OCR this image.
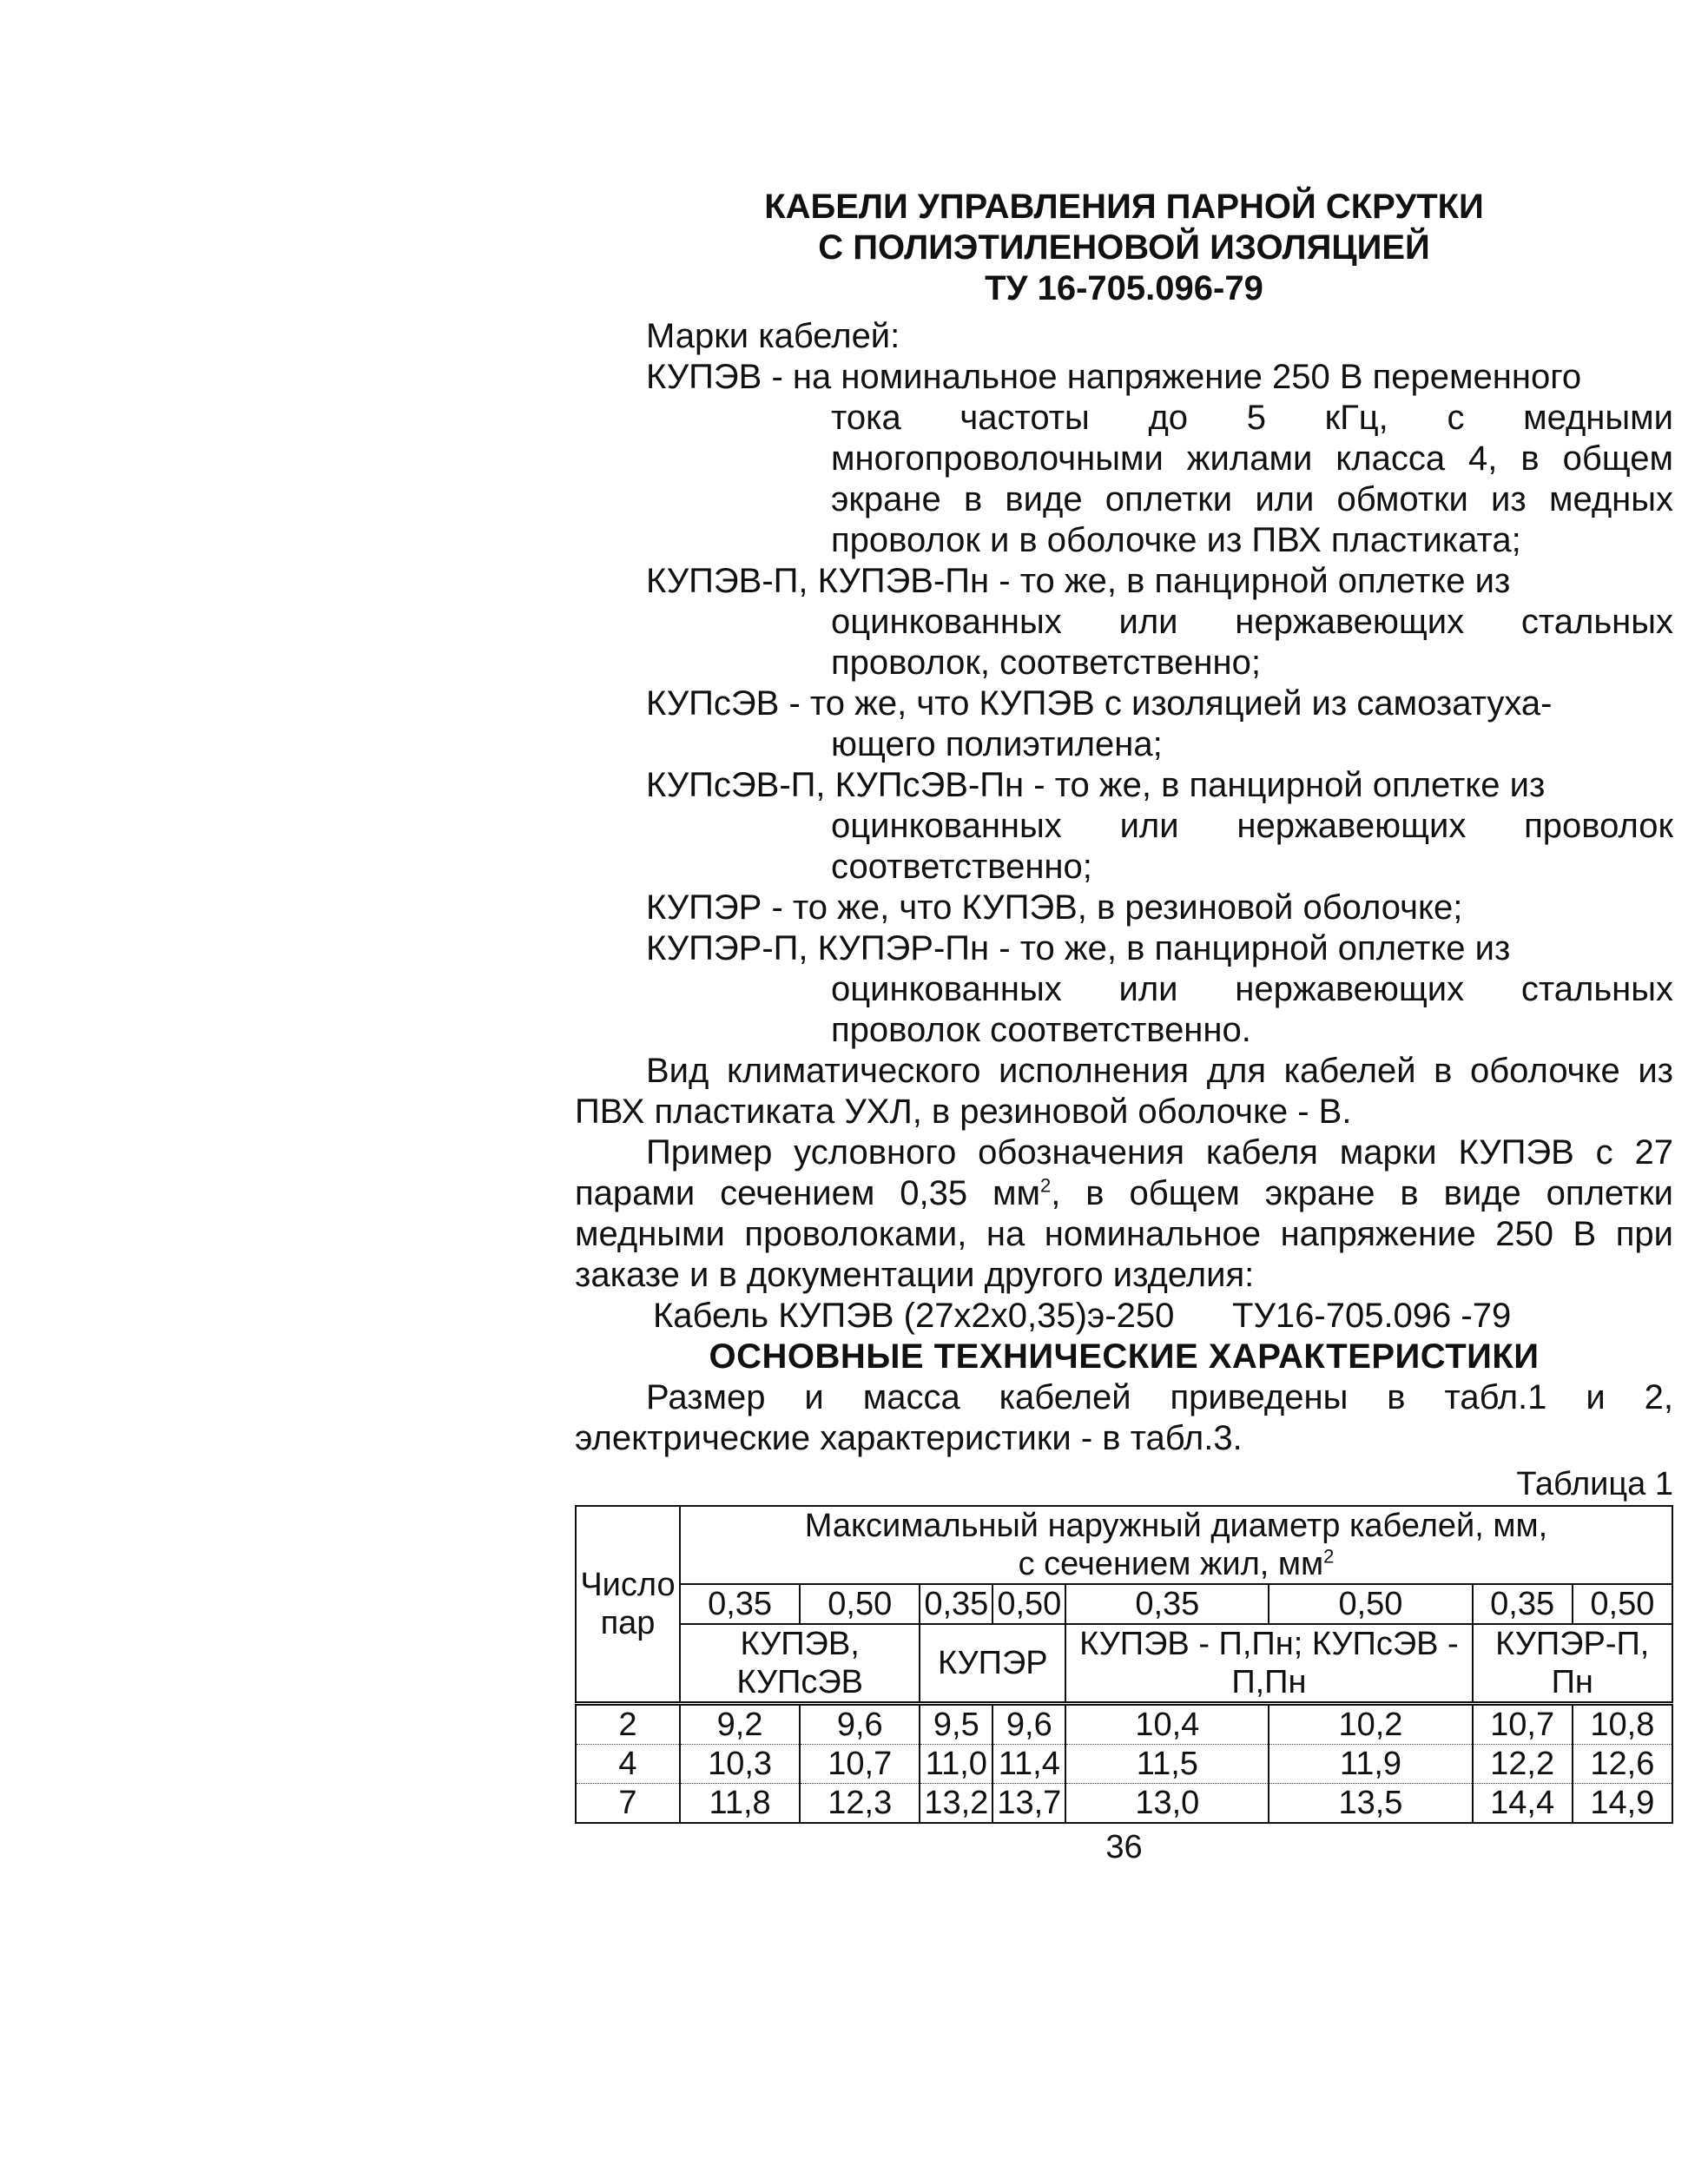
КАБЕЛИ УПРАВЛЕНИЯ ПАРНОЙ СКРУТКИ

С ПОЛИЭТИЛЕНОВОЙ ИЗОЛЯЦИЕЙ

ТУ 16-705.096-79

Марки кабелей:

КУПЭВ - на номинальное напряжение 250 В переменного
тока частоты до 5 кГц, с медными многопроволочными жилами класса 4, в общем экране в виде оплетки или обмотки из медных проволок и в оболочке из ПВХ пластиката;
КУПЭВ-П, КУПЭВ-Пн - то же, в панцирной оплетке из
оцинкованных или нержавеющих стальных проволок, соответственно;
КУПсЭВ - то же, что КУПЭВ с изоляцией из самозатуха-
ющего полиэтилена;
КУПсЭВ-П, КУПсЭВ-Пн - то же, в панцирной оплетке из
оцинкованных или нержавеющих проволок соответственно;
КУПЭР - то же, что КУПЭВ, в резиновой оболочке;
КУПЭР-П, КУПЭР-Пн - то же, в панцирной оплетке из
оцинкованных или нержавеющих стальных проволок соответственно.

Вид климатического исполнения для кабелей в оболочке из ПВХ пластиката УХЛ, в резиновой оболочке - В.

Пример условного обозначения кабеля марки КУПЭВ с 27 парами сечением 0,35 $мм^2$, в общем экране в виде оплетки медными проволоками, на номинальное напряжение 250 В при заказе и в документации другого изделия:

Кабель КУПЭВ (27х2х0,35)э-250      ТУ16-705.096 -79

ОСНОВНЫЕ ТЕХНИЧЕСКИЕ ХАРАКТЕРИСТИКИ

Размер и масса кабелей приведены в табл.1 и 2, электрические характеристики - в табл.3.

Таблица 1

Число пар	Максимальный наружный диаметр кабелей, мм,
с сечением жил, $мм^2$
	0,35	0,50	0,35	0,50	0,35	0,50	0,35	0,50
	КУПЭВ, КУПсЭВ		КУПЭР		КУПЭВ - П,Пн; КУПсЭВ - П,Пн		КУПЭР-П, Пн	
2	9,2	9,6	9,5	9,6	10,4	10,2	10,7	10,8
4	10,3	10,7	11,0	11,4	11,5	11,9	12,2	12,6
7	11,8	12,3	13,2	13,7	13,0	13,5	14,4	14,9

36
